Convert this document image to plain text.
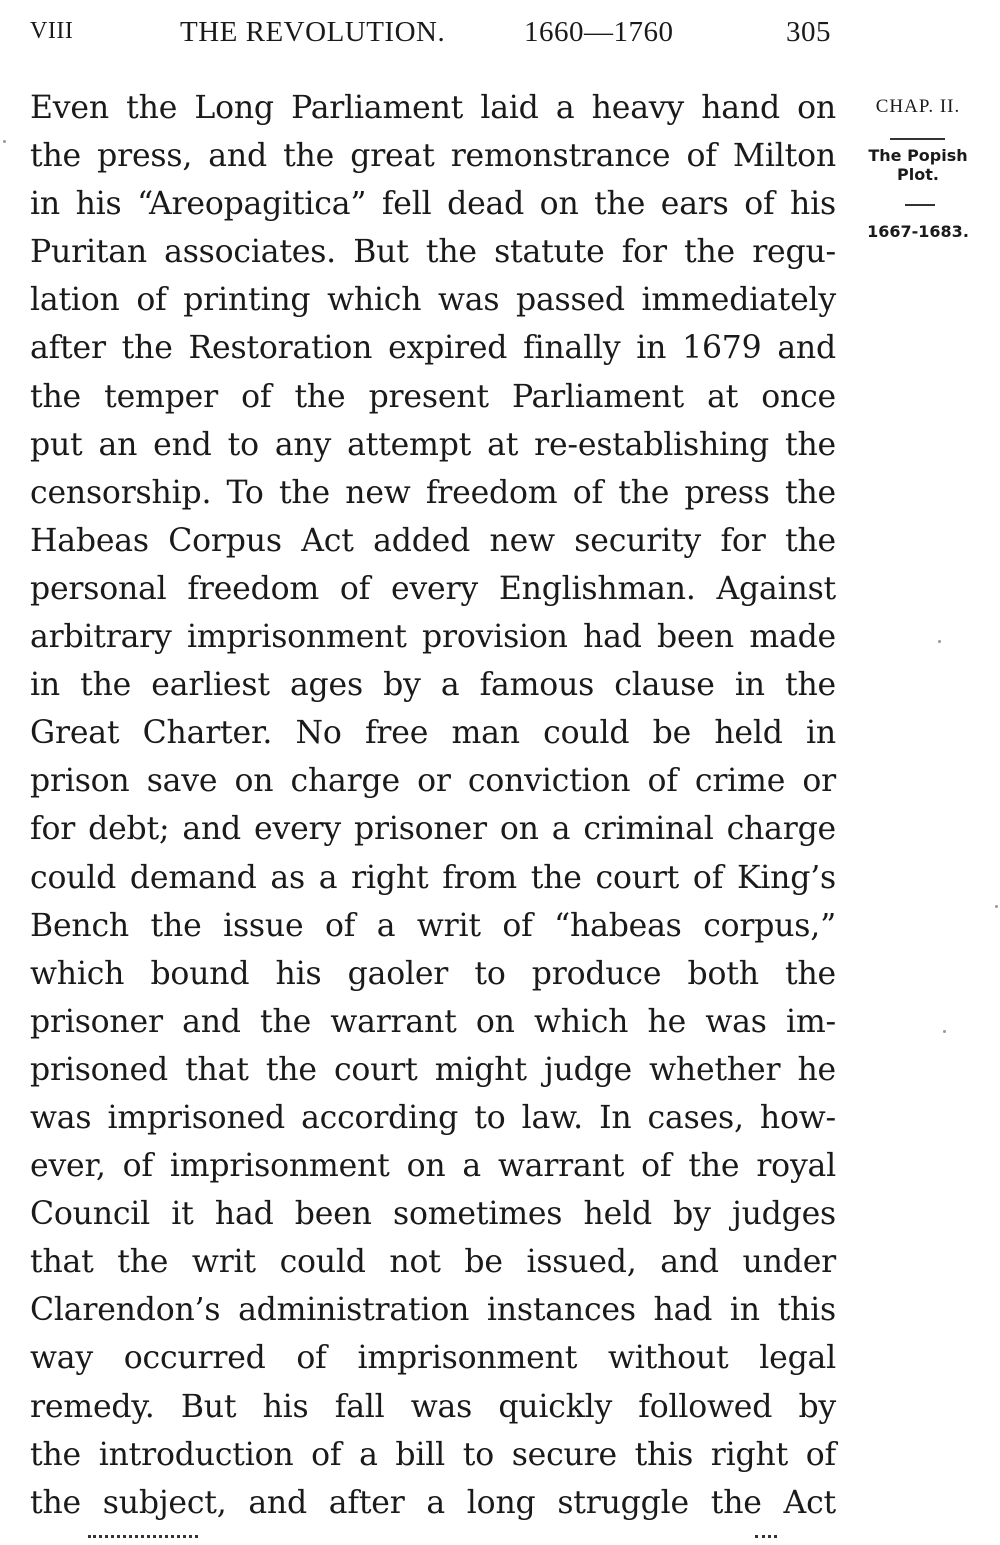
VIII	THE REVOLUTION.	1660—1760	305
Even the Long Parliament laid a heavy hand on
the press, and the great remonstrance of Milton
in his “Areopagitica” fell dead on the ears of his
Puritan associates. But the statute for the regu-
lation of printing which was passed immediately
after the Restoration expired finally in 1679 and
the temper of the present Parliament at once
put an end to any attempt at re-establishing the
censorship. To the new freedom of the press the
Habeas Corpus Act added new security for the
personal freedom of every Englishman. Against
arbitrary imprisonment provision had been made
in the earliest ages by a famous clause in the
Great Charter. No free man could be held in
prison save on charge or conviction of crime or
for debt; and every prisoner on a criminal charge
could demand as a right from the court of King’s
Bench the issue of a writ of “habeas corpus,”
which bound his gaoler to produce both the
prisoner and the warrant on which he was im-
prisoned that the court might judge whether he
was imprisoned according to law. In cases, how-
ever, of imprisonment on a warrant of the royal
Council it had been sometimes held by judges
that the writ could not be issued, and under
Clarendon’s administration instances had in this
way occurred of imprisonment without legal
remedy. But his fall was quickly followed by
the introduction of a bill to secure this right of
the subject, and after a long struggle the Act
CHAP. II.
The Popish
Plot.
1667-1683.
